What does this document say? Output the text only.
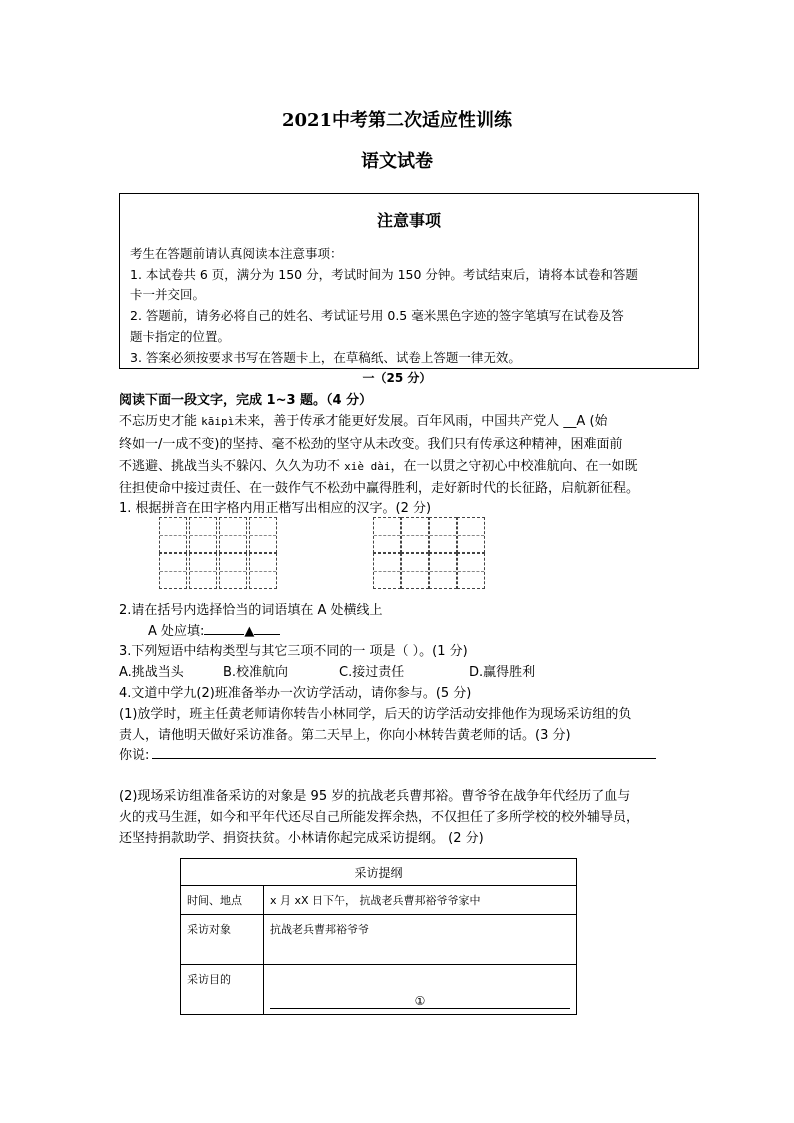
2021中考第二次适应性训练
语文试卷
注意事项
考生在答题前请认真阅读本注意事项：
1. 本试卷共 6 页，满分为 150 分，考试时间为 150 分钟。考试结束后，请将本试卷和答题
卡一并交回。
2. 答题前，请务必将自己的姓名、考试证号用 0.5 毫米黑色字迹的签字笔填写在试卷及答
题卡指定的位置。
3. 答案必须按要求书写在答题卡上，在草稿纸、试卷上答题一律无效。
一（25 分）
阅读下面一段文字，完成 1~3 题。（4 分）
不忘历史才能 kāipì未来，善于传承才能更好发展。百年风雨，中国共产党人 __A (始
终如一/一成不变)的坚持、毫不松劲的坚守从未改变。我们只有传承这种精神，困难面前
不逃避、挑战当头不躲闪、久久为功不 xiè dài，在一以贯之守初心中校准航向、在一如既
往担使命中接过责任、在一鼓作气不松劲中赢得胜利，走好新时代的长征路，启航新征程。
1. 根据拼音在田字格内用正楷写出相应的汉字。(2 分)
2.请在括号内选择恰当的词语填在 A 处横线上
A 处应填:	▲
3.下列短语中结构类型与其它三项不同的一 项是（ ）。(1 分)
A.挑战当头	B.校准航向	C.接过责任	D.赢得胜利
4.文道中学九(2)班准备举办一次访学活动，请你参与。(5 分)
(1)放学时，班主任黄老师请你转告小林同学，后天的访学活动安排他作为现场采访组的负
责人，请他明天做好采访准备。第二天早上，你向小林转告黄老师的话。(3 分)
你说:
(2)现场采访组准备采访的对象是 95 岁的抗战老兵曹邦裕。曹爷爷在战争年代经历了血与
火的戎马生涯，如今和平年代还尽自己所能发挥余热，不仅担任了多所学校的校外辅导员，
还坚持捐款助学、捐资扶贫。小林请你起完成采访提纲。 (2 分)
采访提纲	
时间、地点	x 月 xX 日下午， 抗战老兵曹邦裕爷爷家中
采访对象	抗战老兵曹邦裕爷爷
采访目的	①
